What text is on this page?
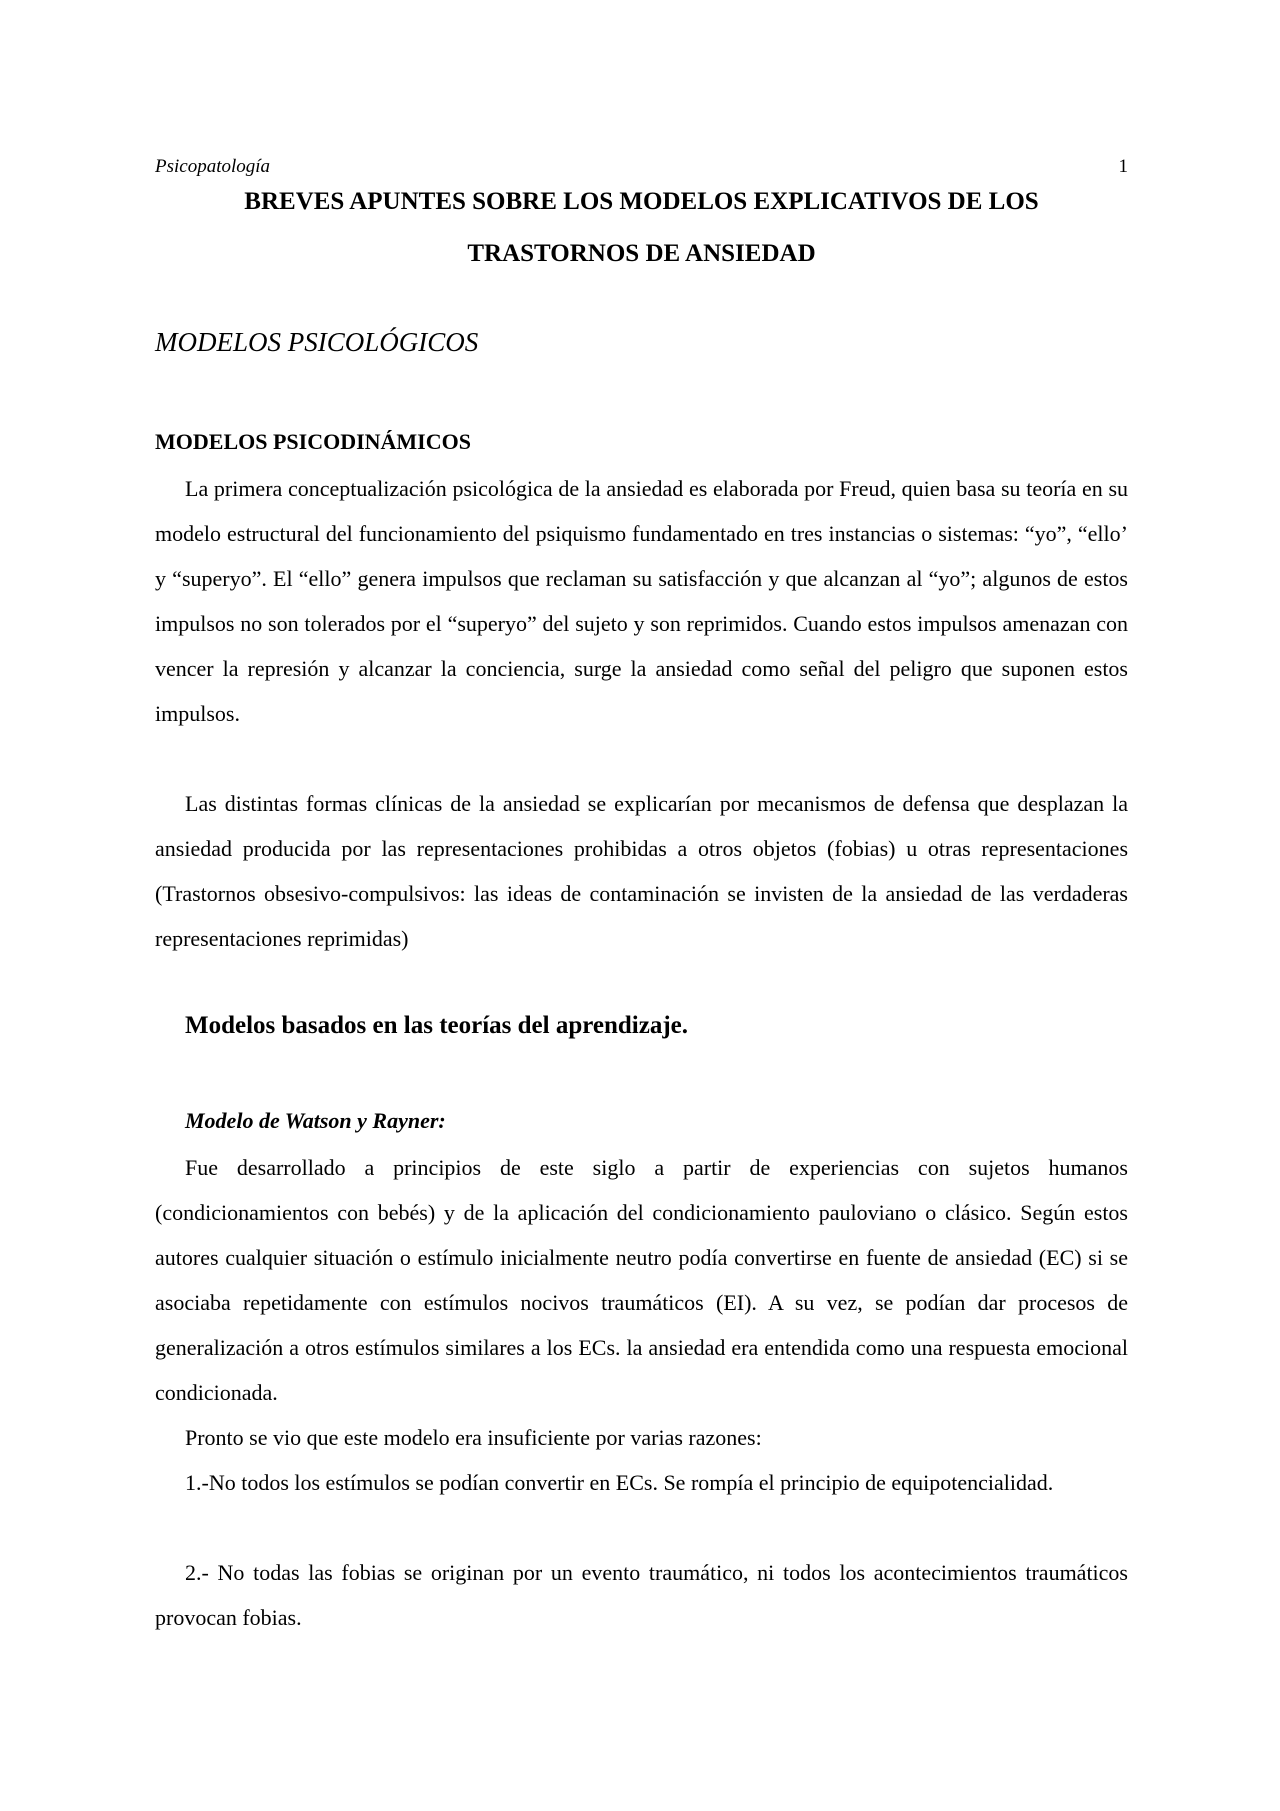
Psicopatología	1
BREVES APUNTES SOBRE LOS MODELOS EXPLICATIVOS DE LOS
TRASTORNOS DE ANSIEDAD
MODELOS PSICOLÓGICOS
MODELOS PSICODINÁMICOS

La primera conceptualización psicológica de la ansiedad es elaborada por Freud, quien basa su teoría en su modelo estructural del funcionamiento del psiquismo fundamentado en tres instancias o sistemas: “yo”, “ello’ y “superyo”. El “ello” genera impulsos que reclaman su satisfacción y que alcanzan al “yo”; algunos de estos impulsos no son tolerados por el “superyo” del sujeto y son reprimidos. Cuando estos impulsos amenazan con vencer la represión y alcanzar la conciencia, surge la ansiedad como señal del peligro que suponen estos impulsos.

Las distintas formas clínicas de la ansiedad se explicarían por mecanismos de defensa que desplazan la ansiedad producida por las representaciones prohibidas a otros objetos (fobias) u otras representaciones (Trastornos obsesivo-compulsivos: las ideas de contaminación se invisten de la ansiedad de las verdaderas representaciones reprimidas)

Modelos basados en las teorías del aprendizaje.
Modelo de Watson y Rayner:

Fue desarrollado a principios de este siglo a partir de experiencias con sujetos humanos (condicionamientos con bebés) y de la aplicación del condicionamiento pauloviano o clásico. Según estos autores cualquier situación o estímulo inicialmente neutro podía convertirse en fuente de ansiedad (EC) si se asociaba repetidamente con estímulos nocivos traumáticos (EI). A su vez, se podían dar procesos de generalización a otros estímulos similares a los ECs. la ansiedad era entendida como una respuesta emocional condicionada.

Pronto se vio que este modelo era insuficiente por varias razones:

1.-No todos los estímulos se podían convertir en ECs. Se rompía el principio de equipotencialidad.

2.- No todas las fobias se originan por un evento traumático, ni todos los acontecimientos traumáticos provocan fobias.
